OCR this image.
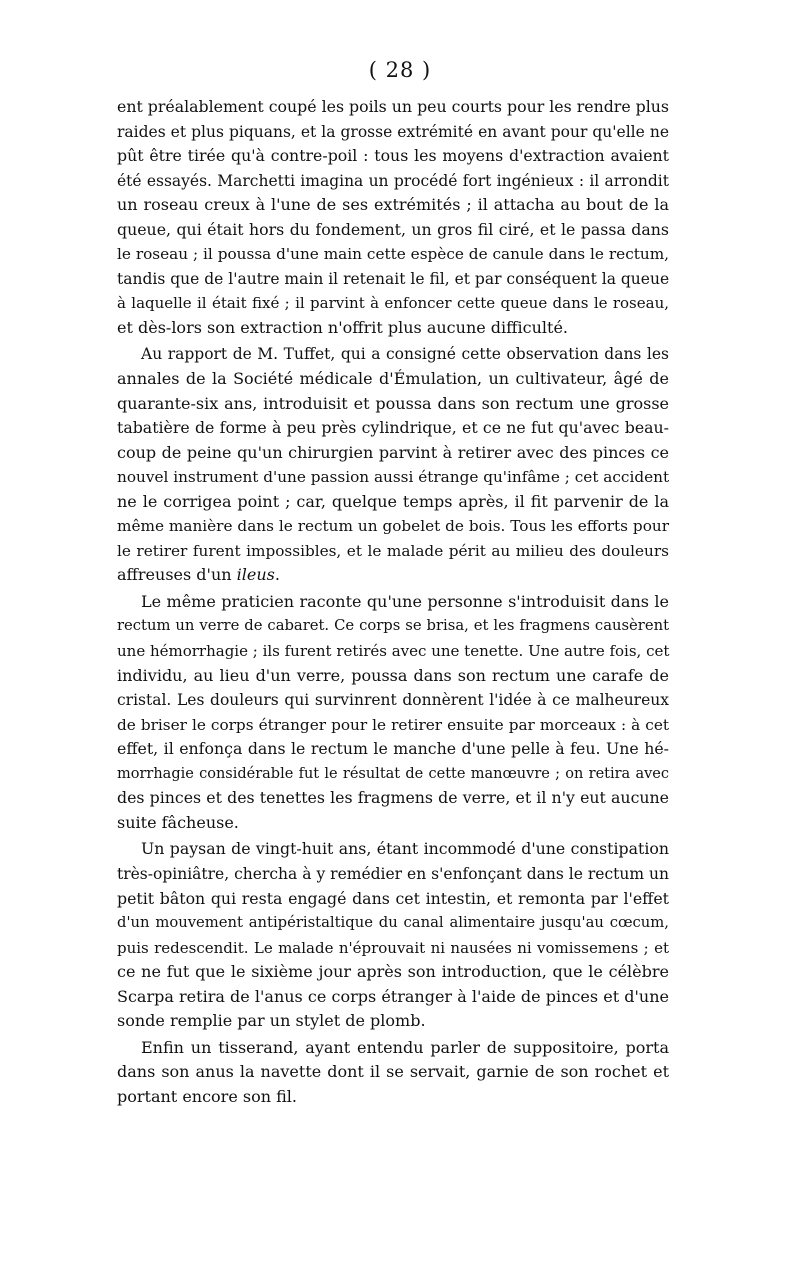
( 28 )

ent préalablement coupé les poils un peu courts pour les rendre plus
raides et plus piquans, et la grosse extrémité en avant pour qu'elle ne
pût être tirée qu'à contre-poil : tous les moyens d'extraction avaient
été essayés. Marchetti imagina un procédé fort ingénieux : il arrondit
un roseau creux à l'une de ses extrémités ; il attacha au bout de la
queue, qui était hors du fondement, un gros fil ciré, et le passa dans
le roseau ; il poussa d'une main cette espèce de canule dans le rectum,
tandis que de l'autre main il retenait le fil, et par conséquent la queue
à laquelle il était fixé ; il parvint à enfoncer cette queue dans le roseau,
et dès-lors son extraction n'offrit plus aucune difficulté.

Au rapport de M. Tuffet, qui a consigné cette observation dans les
annales de la Société médicale d'Émulation, un cultivateur, âgé de
quarante-six ans, introduisit et poussa dans son rectum une grosse
tabatière de forme à peu près cylindrique, et ce ne fut qu'avec beau-
coup de peine qu'un chirurgien parvint à retirer avec des pinces ce
nouvel instrument d'une passion aussi étrange qu'infâme ; cet accident
ne le corrigea point ; car, quelque temps après, il fit parvenir de la
même manière dans le rectum un gobelet de bois. Tous les efforts pour
le retirer furent impossibles, et le malade périt au milieu des douleurs
affreuses d'un ileus.

Le même praticien raconte qu'une personne s'introduisit dans le
rectum un verre de cabaret. Ce corps se brisa, et les fragmens causèrent
une hémorrhagie ; ils furent retirés avec une tenette. Une autre fois, cet
individu, au lieu d'un verre, poussa dans son rectum une carafe de
cristal. Les douleurs qui survinrent donnèrent l'idée à ce malheureux
de briser le corps étranger pour le retirer ensuite par morceaux : à cet
effet, il enfonça dans le rectum le manche d'une pelle à feu. Une hé-
morrhagie considérable fut le résultat de cette manœuvre ; on retira avec
des pinces et des tenettes les fragmens de verre, et il n'y eut aucune
suite fâcheuse.

Un paysan de vingt-huit ans, étant incommodé d'une constipation
très-opiniâtre, chercha à y remédier en s'enfonçant dans le rectum un
petit bâton qui resta engagé dans cet intestin, et remonta par l'effet
d'un mouvement antipéristaltique du canal alimentaire jusqu'au cœcum,
puis redescendit. Le malade n'éprouvait ni nausées ni vomissemens ; et
ce ne fut que le sixième jour après son introduction, que le célèbre
Scarpa retira de l'anus ce corps étranger à l'aide de pinces et d'une
sonde remplie par un stylet de plomb.

Enfin un tisserand, ayant entendu parler de suppositoire, porta
dans son anus la navette dont il se servait, garnie de son rochet et
portant encore son fil.
